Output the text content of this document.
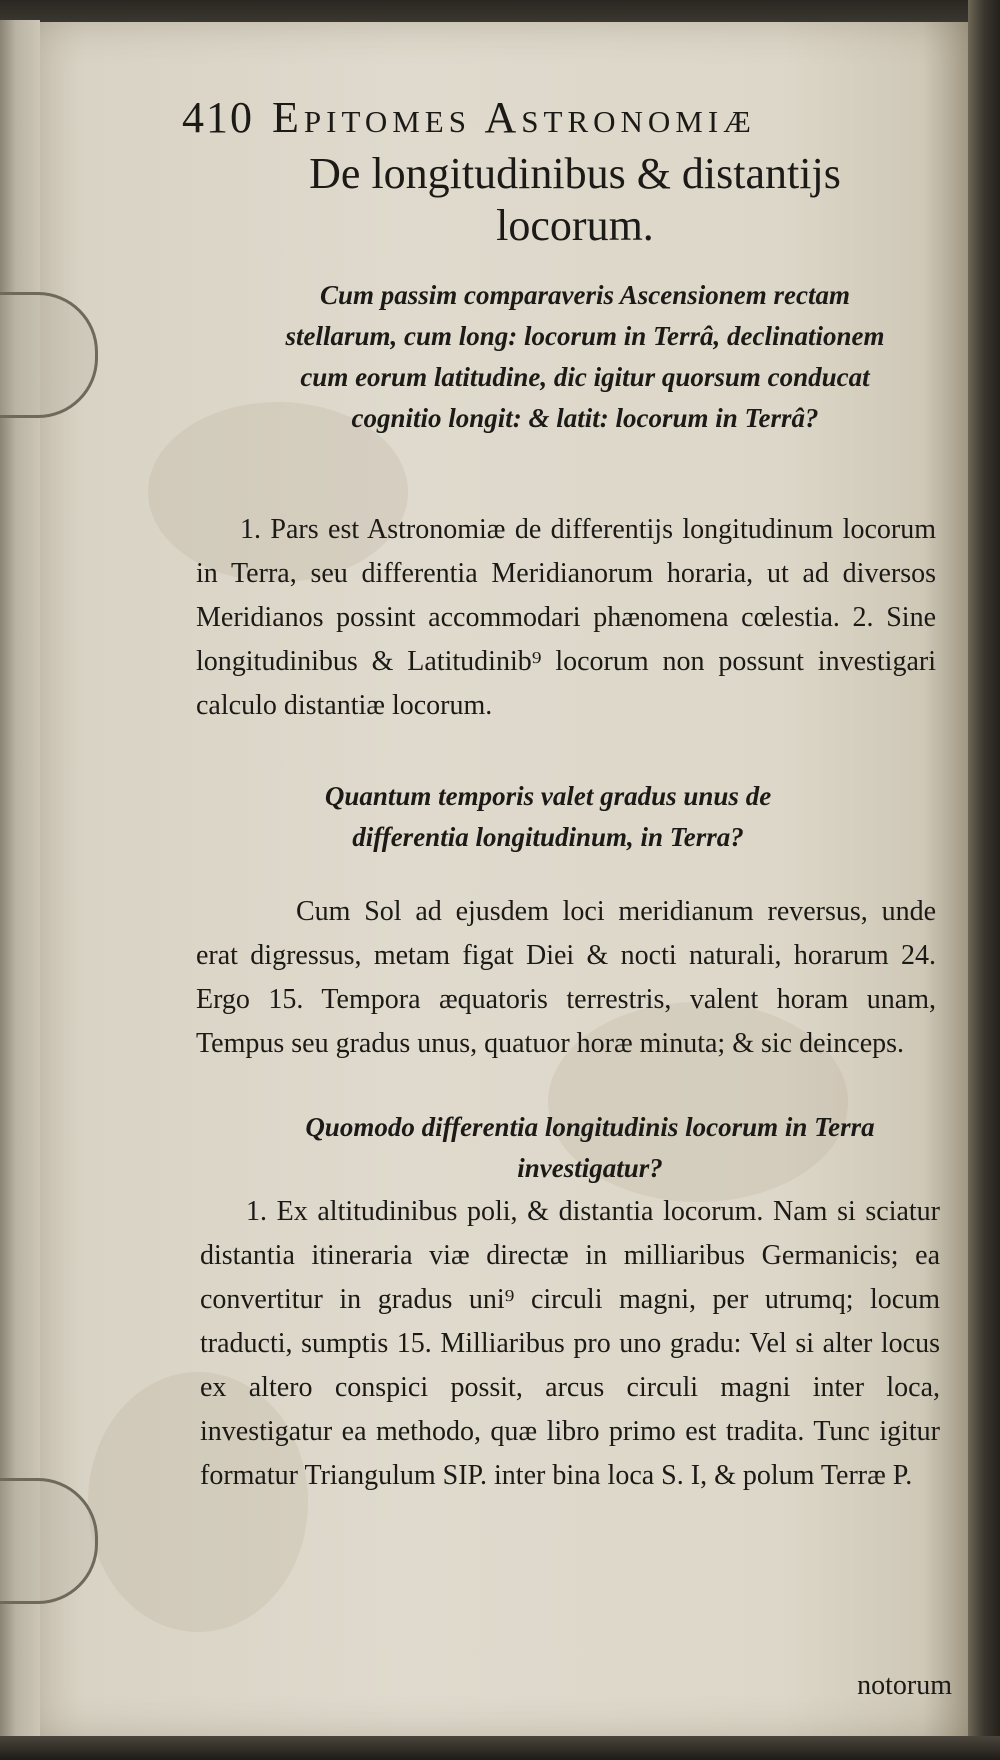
410 Epitomes Astronomiæ
De longitudinibus & distantijs locorum.
Cum passim comparaveris Ascensionem rectam stellarum, cum long: locorum in Terrâ, declinationem cum eorum latitudine, dic igitur quorsum conducat cognitio longit: & latit: locorum in Terrâ?
1. Pars est Astronomiæ de differentijs longitudinum locorum in Terra, seu differentia Meridianorum horaria, ut ad diversos Meridianos possint accommodari phænomena cœlestia. 2. Sine longitudinibus & Latitudinib⁹ locorum non possunt investigari calculo distantiæ locorum.
Quantum temporis valet gradus unus de differentia longitudinum, in Terra?
Cum Sol ad ejusdem loci meridianum reversus, unde erat digressus, metam figat Diei & nocti naturali, horarum 24. Ergo 15. Tempora æquatoris terrestris, valent horam unam, Tempus seu gradus unus, quatuor horæ minuta; & sic deinceps.
Quomodo differentia longitudinis locorum in Terra investigatur?
1. Ex altitudinibus poli, & distantia locorum. Nam si sciatur distantia itineraria viæ directæ in milliaribus Germanicis; ea convertitur in gradus uni⁹ circuli magni, per utrumq; locum traducti, sumptis 15. Milliaribus pro uno gradu: Vel si alter locus ex altero conspici possit, arcus circuli magni inter loca, investigatur ea methodo, quæ libro primo est tradita. Tunc igitur formatur Triangulum SIP. inter bina loca S. I, & polum Terræ P.
notorum
